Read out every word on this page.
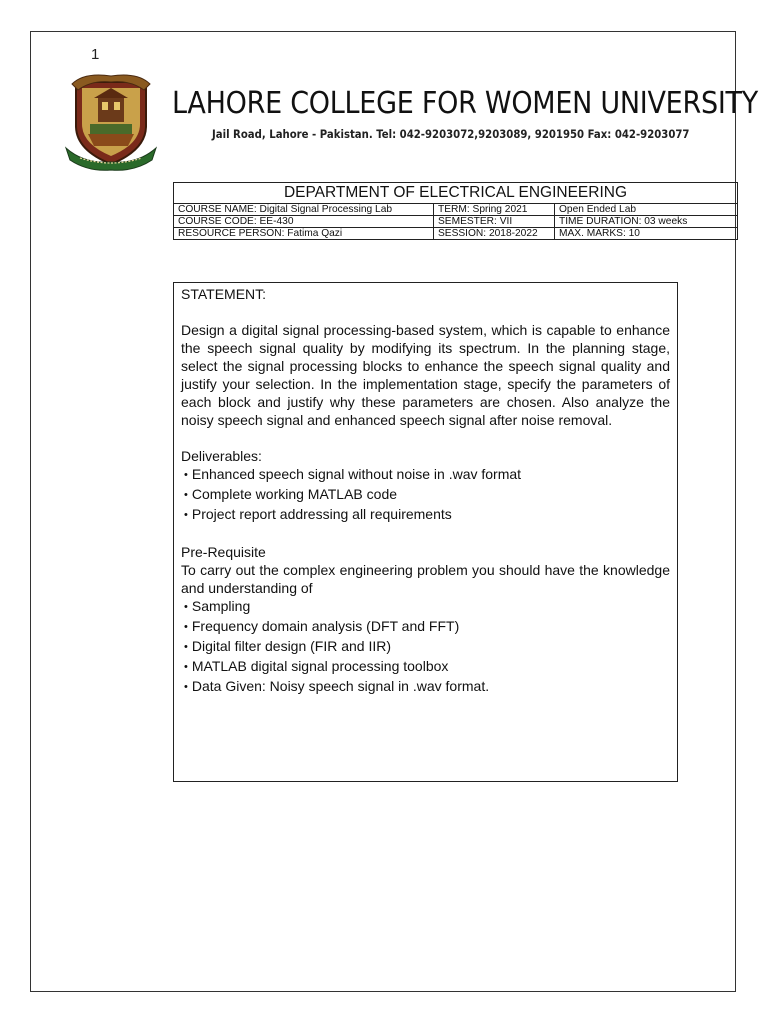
1
LAHORE COLLEGE FOR WOMEN UNIVERSITY
Jail Road, Lahore - Pakistan. Tel: 042-9203072,9203089, 9201950 Fax: 042-9203077
DEPARTMENT OF ELECTRICAL ENGINEERING		
COURSE NAME: Digital Signal Processing Lab	TERM: Spring 2021	Open Ended Lab
COURSE CODE: EE-430	SEMESTER: VII	TIME DURATION: 03 weeks
RESOURCE PERSON: Fatima Qazi	SESSION: 2018-2022	MAX. MARKS: 10

STATEMENT:

Design a digital signal processing-based system, which is capable to enhance the speech signal quality by modifying its spectrum. In the planning stage, select the signal processing blocks to enhance the speech signal quality and justify your selection. In the implementation stage, specify the parameters of each block and justify why these parameters are chosen. Also analyze the noisy speech signal and enhanced speech signal after noise removal.

Deliverables:

• Enhanced speech signal without noise in .wav format
• Complete working MATLAB code
• Project report addressing all requirements

Pre-Requisite

To carry out the complex engineering problem you should have the knowledge and understanding of

• Sampling
• Frequency domain analysis (DFT and FFT)
• Digital filter design (FIR and IIR)
• MATLAB digital signal processing toolbox
• Data Given: Noisy speech signal in .wav format.
